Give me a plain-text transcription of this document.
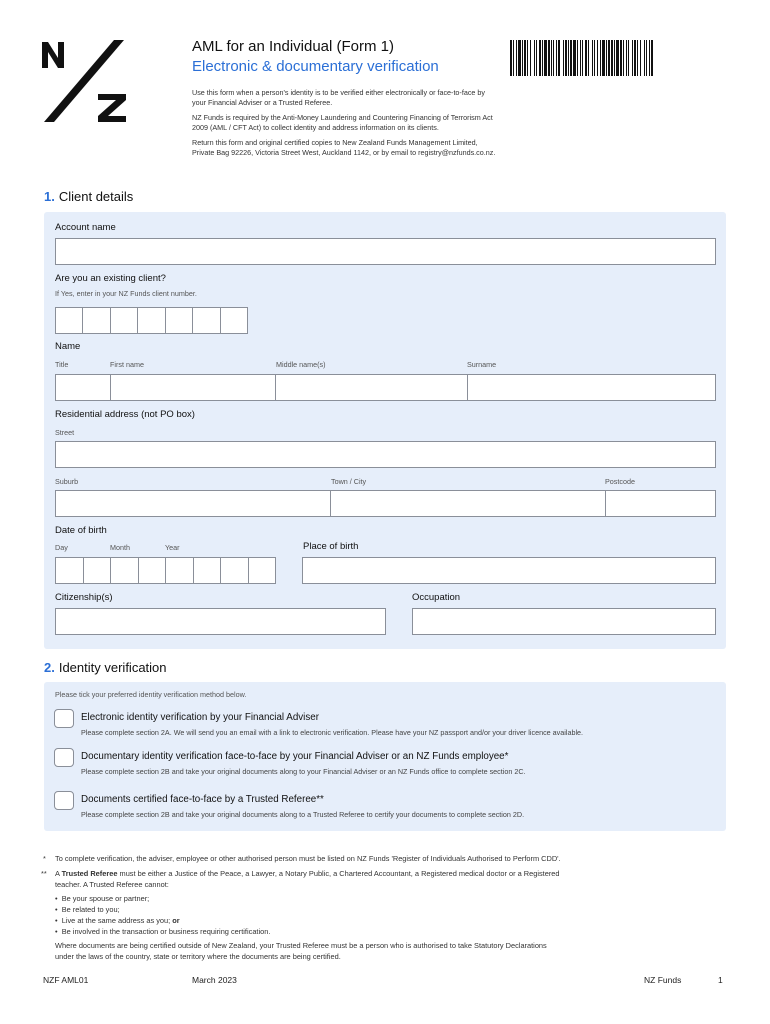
AML for an Individual (Form 1)
Electronic & documentary verification
Use this form when a person's identity is to be verified either electronically or face-to-face by
your Financial Adviser or a Trusted Referee.
NZ Funds is required by the Anti-Money Laundering and Countering Financing of Terrorism Act
2009 (AML / CFT Act) to collect identity and address information on its clients.
Return this form and original certified copies to New Zealand Funds Management Limited,
Private Bag 92226, Victoria Street West, Auckland 1142, or by email to registry@nzfunds.co.nz.
1. Client details
Account name
Are you an existing client?
If Yes, enter in your NZ Funds client number.
Name
Title	First name	Middle name(s)	Surname
Residential address (not PO box)
Street
Suburb	Town / City	Postcode
Date of birth
Day	Month	Year	Place of birth
Citizenship(s)	Occupation
2. Identity verification
Please tick your preferred identity verification method below.
Electronic identity verification by your Financial Adviser
Please complete section 2A. We will send you an email with a link to electronic verification. Please have your NZ passport and/or your driver licence available.
Documentary identity verification face-to-face by your Financial Adviser or an NZ Funds employee*
Please complete section 2B and take your original documents along to your Financial Adviser or an NZ Funds office to complete section 2C.
Documents certified face-to-face by a Trusted Referee**
Please complete section 2B and take your original documents along to a Trusted Referee to certify your documents to complete section 2D.
* To complete verification, the adviser, employee or other authorised person must be listed on NZ Funds 'Register of Individuals Authorised to Perform CDD'.
** A Trusted Referee must be either a Justice of the Peace, a Lawyer, a Notary Public, a Chartered Accountant, a Registered medical doctor or a Registered
teacher. A Trusted Referee cannot:
•  Be your spouse or partner;
•  Be related to you;
•  Live at the same address as you; or
•  Be involved in the transaction or business requiring certification.
Where documents are being certified outside of New Zealand, your Trusted Referee must be a person who is authorised to take Statutory Declarations
under the laws of the country, state or territory where the documents are being certified.
NZF AML01	March 2023	NZ Funds	1
